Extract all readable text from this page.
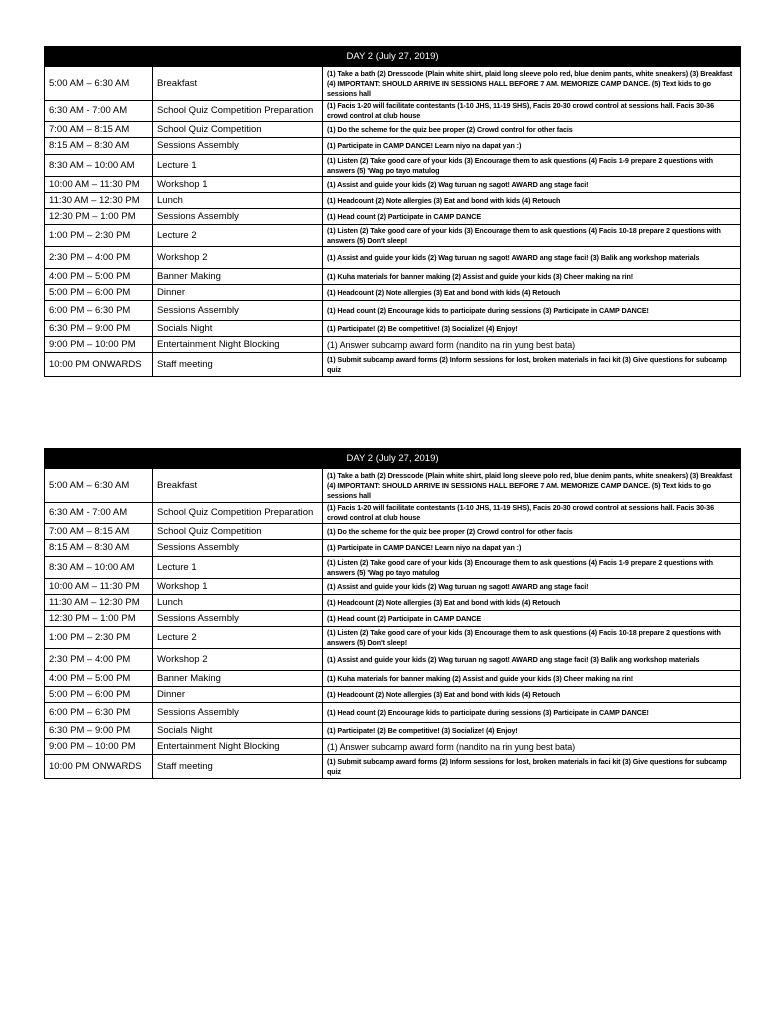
DAY 2 (July 27, 2019)		
5:00 AM – 6:30 AM	Breakfast	(1) Take a bath (2) Dresscode (Plain white shirt, plaid long sleeve polo red, blue denim pants, white sneakers) (3) Breakfast (4) IMPORTANT: SHOULD ARRIVE IN SESSIONS HALL BEFORE 7 AM. MEMORIZE CAMP DANCE. (5) Text kids to go sessions hall
6:30 AM - 7:00 AM	School Quiz Competition Preparation	(1) Facis 1-20 will facilitate contestants (1-10 JHS, 11-19 SHS), Facis 20-30 crowd control at sessions hall. Facis 30-36 crowd control at club house
7:00 AM – 8:15 AM	School Quiz Competition	(1) Do the scheme for the quiz bee proper (2) Crowd control for other facis
8:15 AM – 8:30 AM	Sessions Assembly	(1) Participate in CAMP DANCE! Learn niyo na dapat yan :)
8:30 AM – 10:00 AM	Lecture 1	(1) Listen (2) Take good care of your kids (3) Encourage them to ask questions (4) Facis 1-9 prepare 2 questions with answers (5) 'Wag po tayo matulog
10:00 AM – 11:30 PM	Workshop 1	(1) Assist and guide your kids (2) Wag turuan ng sagot! AWARD ang stage faci!
11:30 AM – 12:30 PM	Lunch	(1) Headcount (2) Note allergies (3) Eat and bond with kids (4) Retouch
12:30 PM – 1:00 PM	Sessions Assembly	(1) Head count (2) Participate in CAMP DANCE
1:00 PM – 2:30 PM	Lecture 2	(1) Listen (2) Take good care of your kids (3) Encourage them to ask questions (4) Facis 10-18 prepare 2 questions with answers (5) Don't sleep!
2:30 PM – 4:00 PM	Workshop 2	(1) Assist and guide your kids (2) Wag turuan ng sagot! AWARD ang stage faci! (3) Balik ang workshop materials
4:00 PM – 5:00 PM	Banner Making	(1) Kuha materials for banner making (2) Assist and guide your kids (3) Cheer making na rin!
5:00 PM – 6:00 PM	Dinner	(1) Headcount (2) Note allergies (3) Eat and bond with kids (4) Retouch
6:00 PM – 6:30 PM	Sessions Assembly	(1) Head count (2) Encourage kids to participate during sessions (3) Participate in CAMP DANCE!
6:30 PM – 9:00 PM	Socials Night	(1) Participate! (2) Be competitive! (3) Socialize! (4) Enjoy!
9:00 PM – 10:00 PM	Entertainment Night Blocking	(1) Answer subcamp award form (nandito na rin yung best bata)
10:00 PM ONWARDS	Staff meeting	(1) Submit subcamp award forms (2) Inform sessions for lost, broken materials in faci kit (3) Give questions for subcamp quiz
DAY 2 (July 27, 2019)		
5:00 AM – 6:30 AM	Breakfast	(1) Take a bath (2) Dresscode (Plain white shirt, plaid long sleeve polo red, blue denim pants, white sneakers) (3) Breakfast (4) IMPORTANT: SHOULD ARRIVE IN SESSIONS HALL BEFORE 7 AM. MEMORIZE CAMP DANCE. (5) Text kids to go sessions hall
6:30 AM - 7:00 AM	School Quiz Competition Preparation	(1) Facis 1-20 will facilitate contestants (1-10 JHS, 11-19 SHS), Facis 20-30 crowd control at sessions hall. Facis 30-36 crowd control at club house
7:00 AM – 8:15 AM	School Quiz Competition	(1) Do the scheme for the quiz bee proper (2) Crowd control for other facis
8:15 AM – 8:30 AM	Sessions Assembly	(1) Participate in CAMP DANCE! Learn niyo na dapat yan :)
8:30 AM – 10:00 AM	Lecture 1	(1) Listen (2) Take good care of your kids (3) Encourage them to ask questions (4) Facis 1-9 prepare 2 questions with answers (5) 'Wag po tayo matulog
10:00 AM – 11:30 PM	Workshop 1	(1) Assist and guide your kids (2) Wag turuan ng sagot! AWARD ang stage faci!
11:30 AM – 12:30 PM	Lunch	(1) Headcount (2) Note allergies (3) Eat and bond with kids (4) Retouch
12:30 PM – 1:00 PM	Sessions Assembly	(1) Head count (2) Participate in CAMP DANCE
1:00 PM – 2:30 PM	Lecture 2	(1) Listen (2) Take good care of your kids (3) Encourage them to ask questions (4) Facis 10-18 prepare 2 questions with answers (5) Don't sleep!
2:30 PM – 4:00 PM	Workshop 2	(1) Assist and guide your kids (2) Wag turuan ng sagot! AWARD ang stage faci! (3) Balik ang workshop materials
4:00 PM – 5:00 PM	Banner Making	(1) Kuha materials for banner making (2) Assist and guide your kids (3) Cheer making na rin!
5:00 PM – 6:00 PM	Dinner	(1) Headcount (2) Note allergies (3) Eat and bond with kids (4) Retouch
6:00 PM – 6:30 PM	Sessions Assembly	(1) Head count (2) Encourage kids to participate during sessions (3) Participate in CAMP DANCE!
6:30 PM – 9:00 PM	Socials Night	(1) Participate! (2) Be competitive! (3) Socialize! (4) Enjoy!
9:00 PM – 10:00 PM	Entertainment Night Blocking	(1) Answer subcamp award form (nandito na rin yung best bata)
10:00 PM ONWARDS	Staff meeting	(1) Submit subcamp award forms (2) Inform sessions for lost, broken materials in faci kit (3) Give questions for subcamp quiz
